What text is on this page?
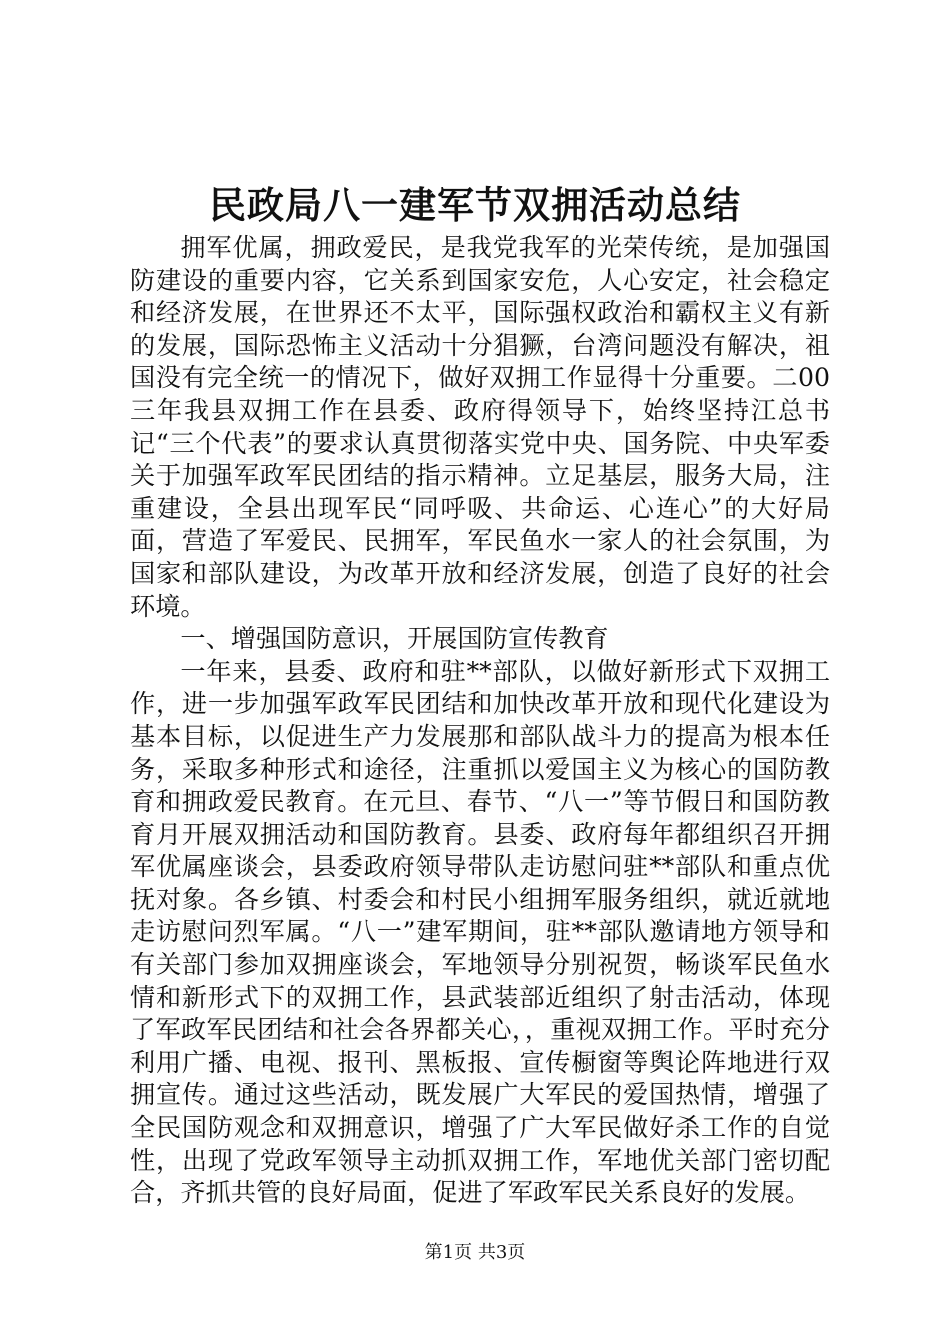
民政局八一建军节双拥活动总结

拥军优属，拥政爱民，是我党我军的光荣传统，是加强国防建设的重要内容，它关系到国家安危，人心安定，社会稳定和经济发展，在世界还不太平，国际强权政治和霸权主义有新的发展，国际恐怖主义活动十分猖獗，台湾问题没有解决，祖国没有完全统一的情况下，做好双拥工作显得十分重要。二00三年我县双拥工作在县委、政府得领导下，始终坚持江总书记“三个代表”的要求认真贯彻落实党中央、国务院、中央军委关于加强军政军民团结的指示精神。立足基层，服务大局，注重建设，全县出现军民“同呼吸、共命运、心连心”的大好局面，营造了军爱民、民拥军，军民鱼水一家人的社会氛围，为国家和部队建设，为改革开放和经济发展，创造了良好的社会环境。

一、增强国防意识，开展国防宣传教育

一年来，县委、政府和驻**部队，以做好新形式下双拥工作，进一步加强军政军民团结和加快改革开放和现代化建设为基本目标，以促进生产力发展那和部队战斗力的提高为根本任务，采取多种形式和途径，注重抓以爱国主义为核心的国防教育和拥政爱民教育。在元旦、春节、“八一”等节假日和国防教育月开展双拥活动和国防教育。县委、政府每年都组织召开拥军优属座谈会，县委政府领导带队走访慰问驻**部队和重点优抚对象。各乡镇、村委会和村民小组拥军服务组织，就近就地走访慰问烈军属。“八一”建军期间，驻**部队邀请地方领导和有关部门参加双拥座谈会，军地领导分别祝贺，畅谈军民鱼水情和新形式下的双拥工作，县武装部近组织了射击活动，体现了军政军民团结和社会各界都关心，，重视双拥工作。平时充分利用广播、电视、报刊、黑板报、宣传橱窗等舆论阵地进行双拥宣传。通过这些活动，既发展广大军民的爱国热情，增强了全民国防观念和双拥意识，增强了广大军民做好杀工作的自觉性，出现了党政军领导主动抓双拥工作，军地优关部门密切配合，齐抓共管的良好局面，促进了军政军民关系良好的发展。

第1页 共3页
